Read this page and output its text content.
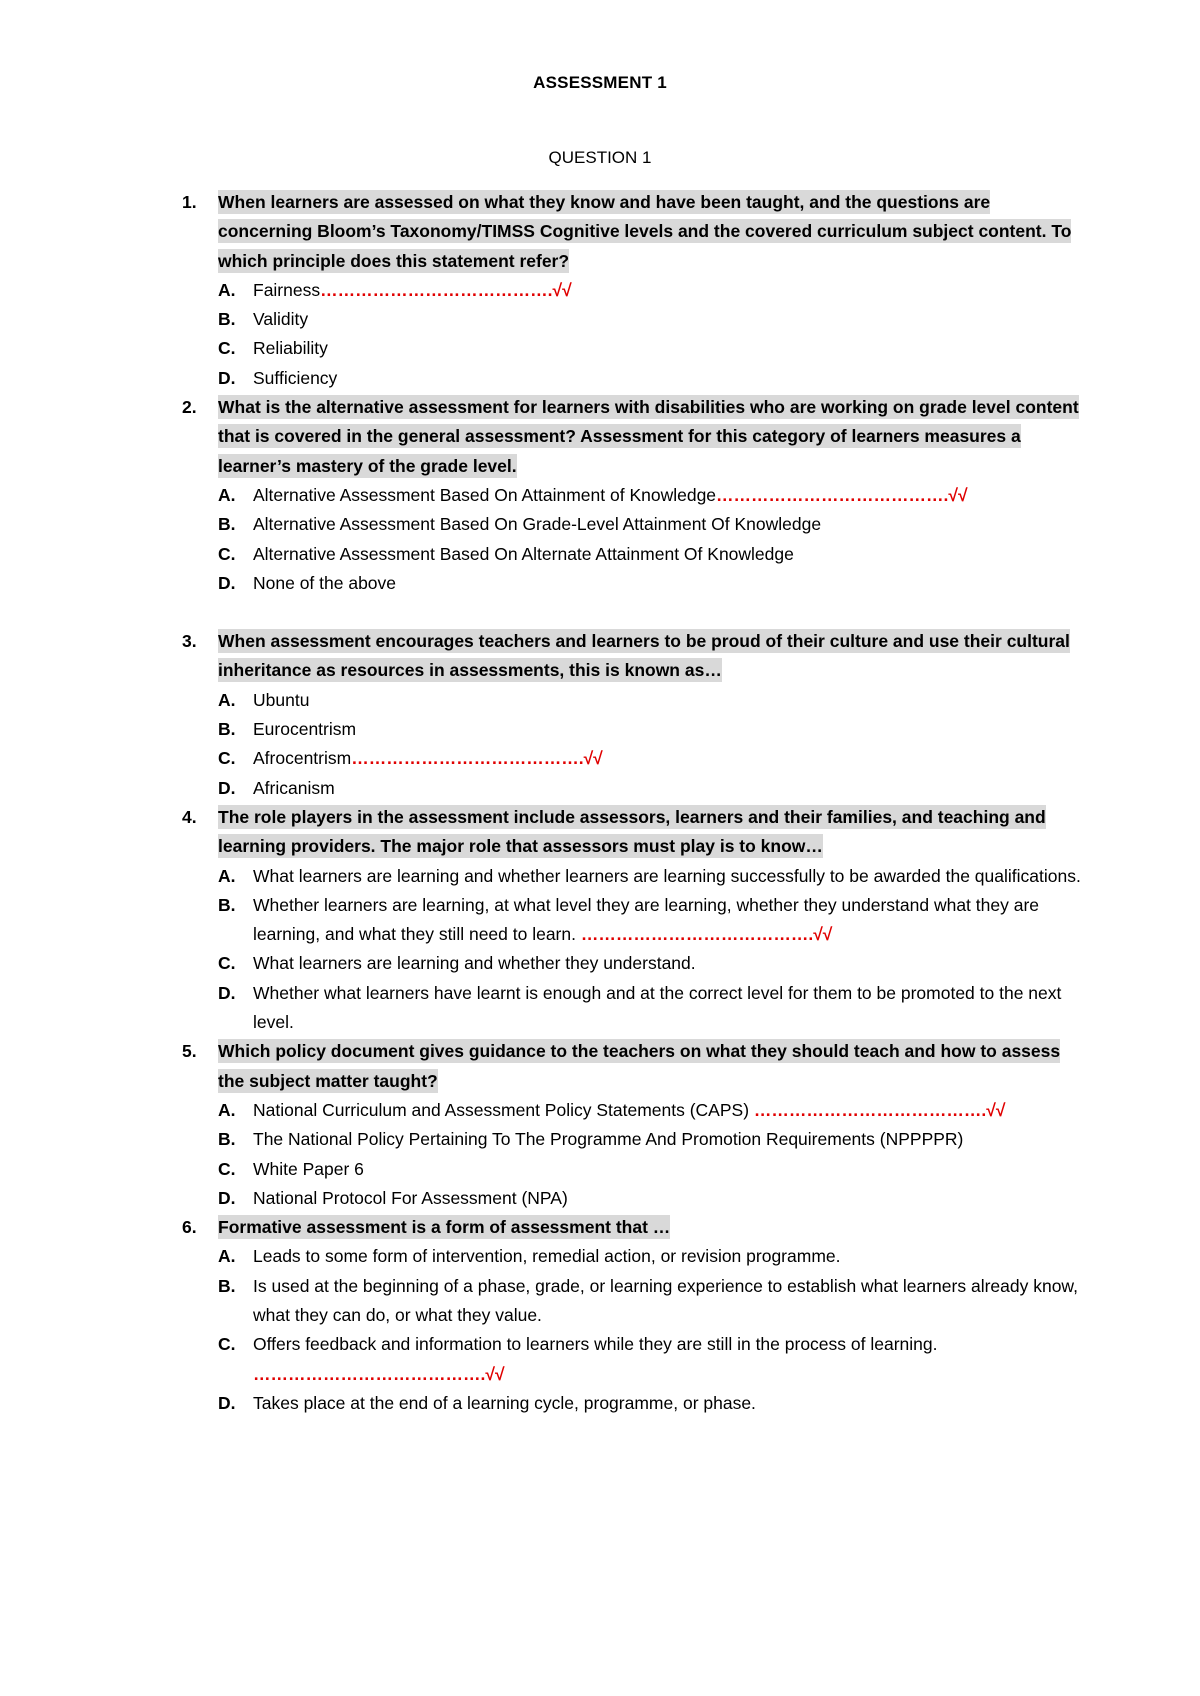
ASSESSMENT 1
QUESTION 1
1. When learners are assessed on what they know and have been taught, and the questions are concerning Bloom’s Taxonomy/TIMSS Cognitive levels and the covered curriculum subject content. To which principle does this statement refer?
A. Fairness………………………………….√√
B. Validity
C. Reliability
D. Sufficiency
2. What is the alternative assessment for learners with disabilities who are working on grade level content that is covered in the general assessment? Assessment for this category of learners measures a learner’s mastery of the grade level.
A. Alternative Assessment Based On Attainment of Knowledge………………………………….√√
B. Alternative Assessment Based On Grade-Level Attainment Of Knowledge
C. Alternative Assessment Based On Alternate Attainment Of Knowledge
D. None of the above
3. When assessment encourages teachers and learners to be proud of their culture and use their cultural inheritance as resources in assessments, this is known as…
A. Ubuntu
B. Eurocentrism
C. Afrocentrism………………………………….√√
D. Africanism
4. The role players in the assessment include assessors, learners and their families, and teaching and learning providers. The major role that assessors must play is to know…
A. What learners are learning and whether learners are learning successfully to be awarded the qualifications.
B. Whether learners are learning, at what level they are learning, whether they understand what they are learning, and what they still need to learn. ………………………………….√√
C. What learners are learning and whether they understand.
D. Whether what learners have learnt is enough and at the correct level for them to be promoted to the next level.
5. Which policy document gives guidance to the teachers on what they should teach and how to assess the subject matter taught?
A. National Curriculum and Assessment Policy Statements (CAPS) ………………………………….√√
B. The National Policy Pertaining To The Programme And Promotion Requirements (NPPPPR)
C. White Paper 6
D. National Protocol For Assessment (NPA)
6. Formative assessment is a form of assessment that …
A. Leads to some form of intervention, remedial action, or revision programme.
B. Is used at the beginning of a phase, grade, or learning experience to establish what learners already know, what they can do, or what they value.
C. Offers feedback and information to learners while they are still in the process of learning. ………………………………….√√
D. Takes place at the end of a learning cycle, programme, or phase.
